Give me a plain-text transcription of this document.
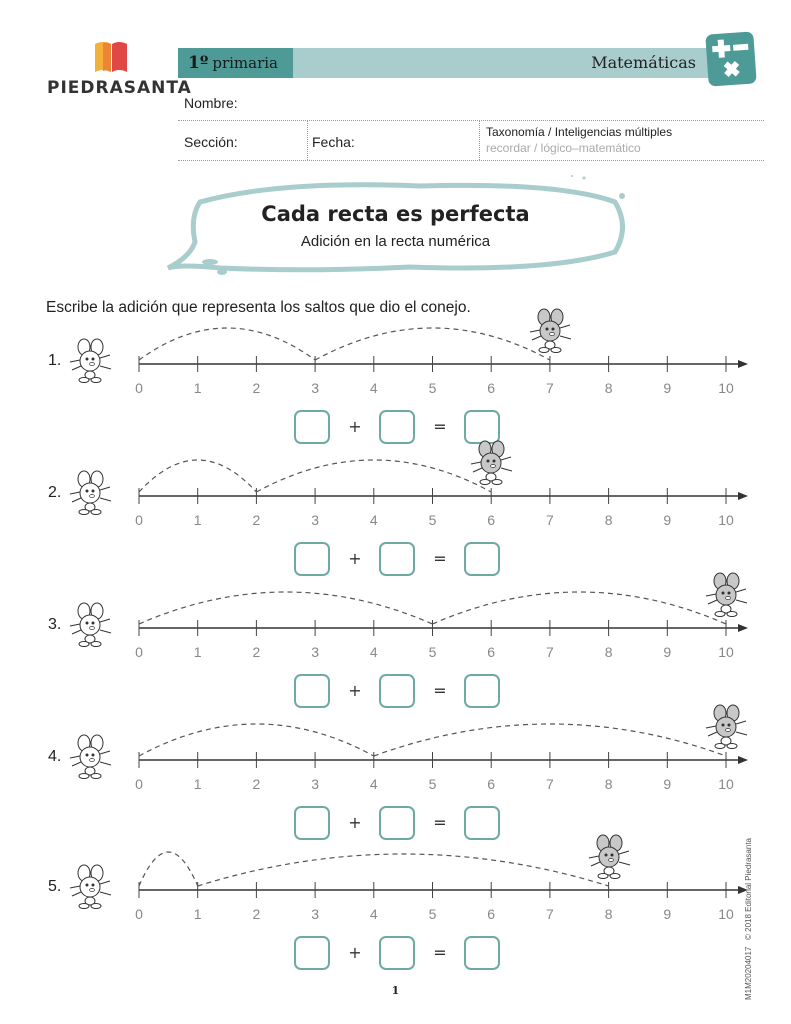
PIEDRASANTA
1º primaria	Matemáticas
Nombre:
Sección:	Fecha:
Taxonomía / Inteligencias múltiples
recordar / lógico–matemático
Cada recta es perfecta
Adición en la recta numérica
Escribe la adición que representa los saltos que dio el conejo.
1.
0	1	2	3	4	5	6	7	8	9	10
+	=
2.
0	1	2	3	4	5	6	7	8	9	10
+	=
3.
0	1	2	3	4	5	6	7	8	9	10
+	=
4.
0	1	2	3	4	5	6	7	8	9	10
+	=
5.
0	1	2	3	4	5	6	7	8	9	10
+	=
1	M1M20204017   © 2018 Editorial Piedrasanta
